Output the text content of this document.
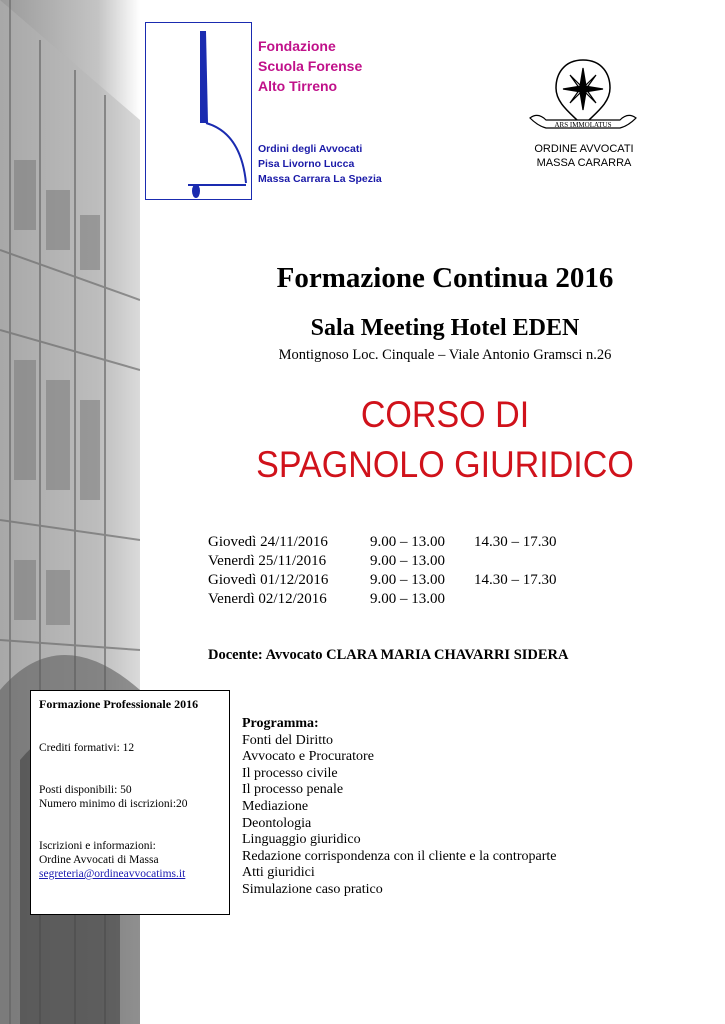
Fondazione
Scuola Forense
Alto Tirreno
Ordini degli Avvocati
Pisa Livorno Lucca
Massa Carrara La Spezia
ARS IMMOLATUS
ORDINE AVVOCATI
MASSA CARARRA
Formazione Continua 2016
Sala Meeting Hotel EDEN
Montignoso Loc. Cinquale – Viale Antonio Gramsci n.26
CORSO DI
SPAGNOLO GIURIDICO
Giovedì 24/11/2016	9.00 – 13.00	14.30 – 17.30
Venerdì 25/11/2016	9.00 – 13.00
Giovedì 01/12/2016	9.00 – 13.00	14.30 – 17.30
Venerdì 02/12/2016	9.00 – 13.00
Docente: Avvocato CLARA MARIA CHAVARRI SIDERA
Formazione Professionale 2016
Crediti formativi: 12
Posti disponibili: 50
Numero minimo di iscrizioni:20
Iscrizioni e informazioni:
Ordine Avvocati di Massa
segreteria@ordineavvocatims.it
Programma:
Fonti del Diritto
Avvocato e Procuratore
Il processo civile
Il processo penale
Mediazione
Deontologia
Linguaggio giuridico
Redazione corrispondenza con il cliente e la controparte
Atti giuridici
Simulazione caso pratico
